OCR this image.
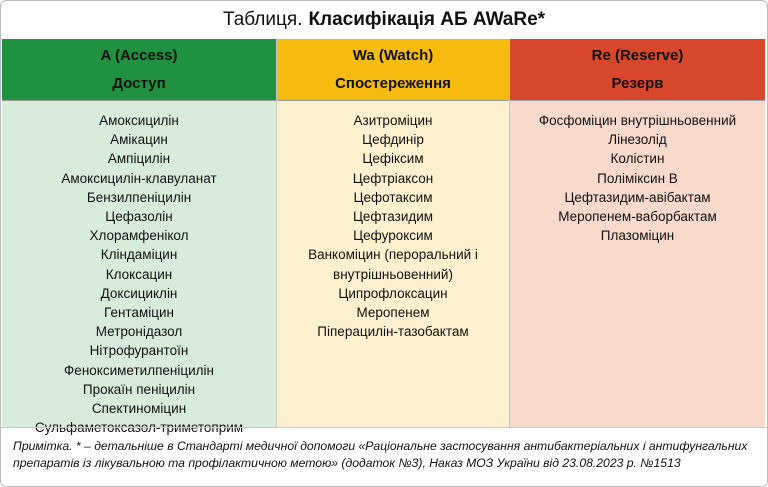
Таблиця. Класифікація АБ AWaRe*
A (Access)
Доступ
Амоксицилін
Амікацин
Ампіцилін
Амоксицилін-клавуланат
Бензилпеніцилін
Цефазолін
Хлорамфенікол
Кліндаміцин
Клоксацин
Доксициклін
Гентаміцин
Метронідазол
Нітрофурантоїн
Феноксиметилпеніцилін
Прокаїн пеніцилін
Спектиноміцин
Сульфаметоксазол-триметоприм
Wa (Watch)
Спостереження
Азитроміцин
Цефдинір
Цефіксим
Цефтріаксон
Цефотаксим
Цефтазидим
Цефуроксим
Ванкоміцин (пероральний і внутрішньовенний)
Ципрофлоксацин
Меропенем
Піперацилін-тазобактам
Re (Reserve)
Резерв
Фосфоміцин внутрішньовенний
Лінезолід
Колістин
Поліміксин В
Цефтазидим-авібактам
Меропенем-ваборбактам
Плазоміцин
Примітка. * – детальніше в Стандарті медичної допомоги «Раціональне застосування антибактеріальних і антифунгальних препаратів із лікувальною та профілактичною метою» (додаток №3), Наказ МОЗ України від 23.08.2023 р. №1513
